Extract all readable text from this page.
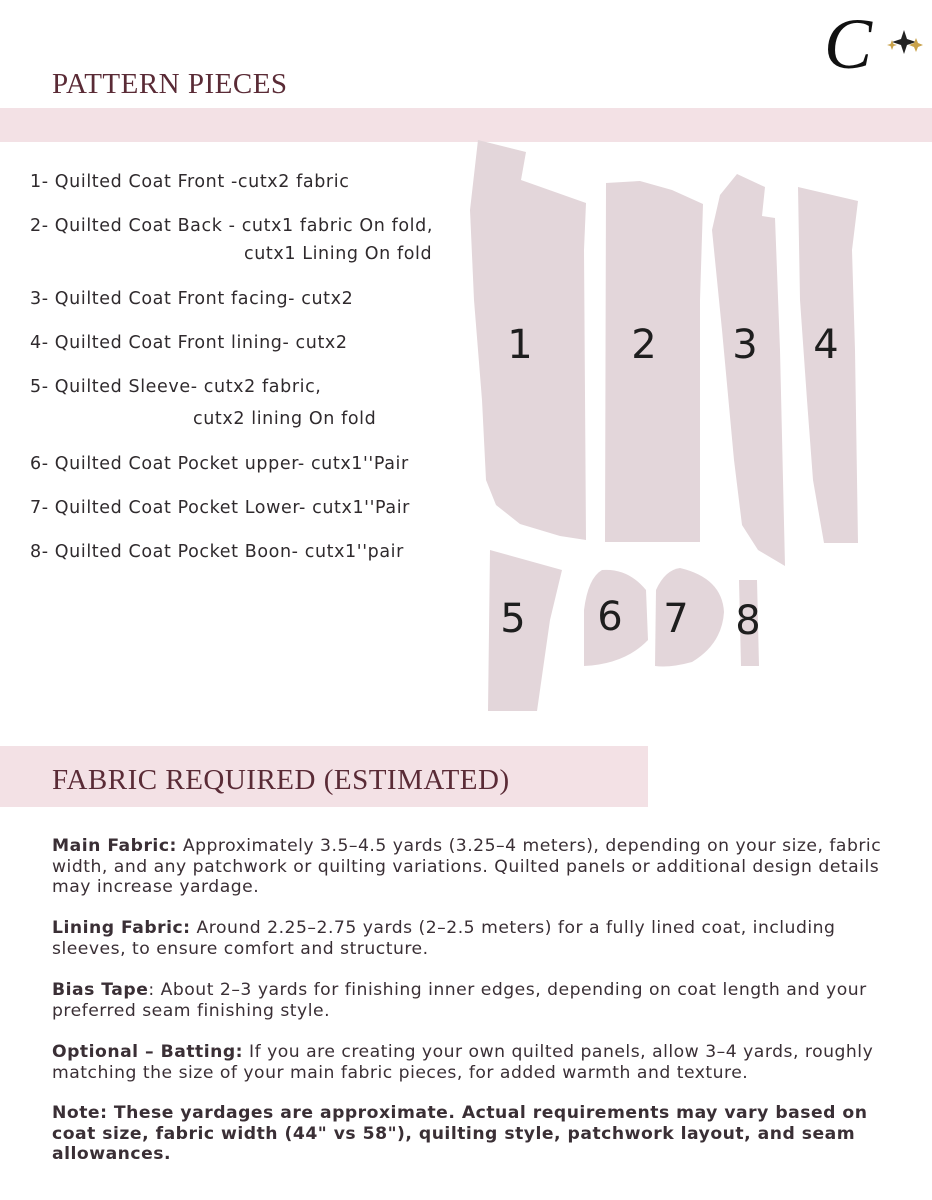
C
PATTERN PIECES
1- Quilted Coat Front -cutx2 fabric
2- Quilted Coat Back - cutx1 fabric On fold,
cutx1 Lining On fold
3- Quilted Coat Front facing- cutx2
4- Quilted Coat Front lining- cutx2
5- Quilted Sleeve- cutx2 fabric,
cutx2 lining On fold
6- Quilted Coat Pocket upper- cutx1''Pair
7- Quilted Coat Pocket Lower- cutx1''Pair
8- Quilted Coat Pocket Boon- cutx1''pair
1 2 3 4
5 6 7 8
FABRIC REQUIRED (ESTIMATED)

Main Fabric: Approximately 3.5–4.5 yards (3.25–4 meters), depending on your size, fabric width, and any patchwork or quilting variations. Quilted panels or additional design details may increase yardage.

Lining Fabric: Around 2.25–2.75 yards (2–2.5 meters) for a fully lined coat, including sleeves, to ensure comfort and structure.

Bias Tape: About 2–3 yards for finishing inner edges, depending on coat length and your preferred seam finishing style.

Optional – Batting: If you are creating your own quilted panels, allow 3–4 yards, roughly matching the size of your main fabric pieces, for added warmth and texture.

Note: These yardages are approximate. Actual requirements may vary based on coat size, fabric width (44" vs 58"), quilting style, patchwork layout, and seam allowances.
